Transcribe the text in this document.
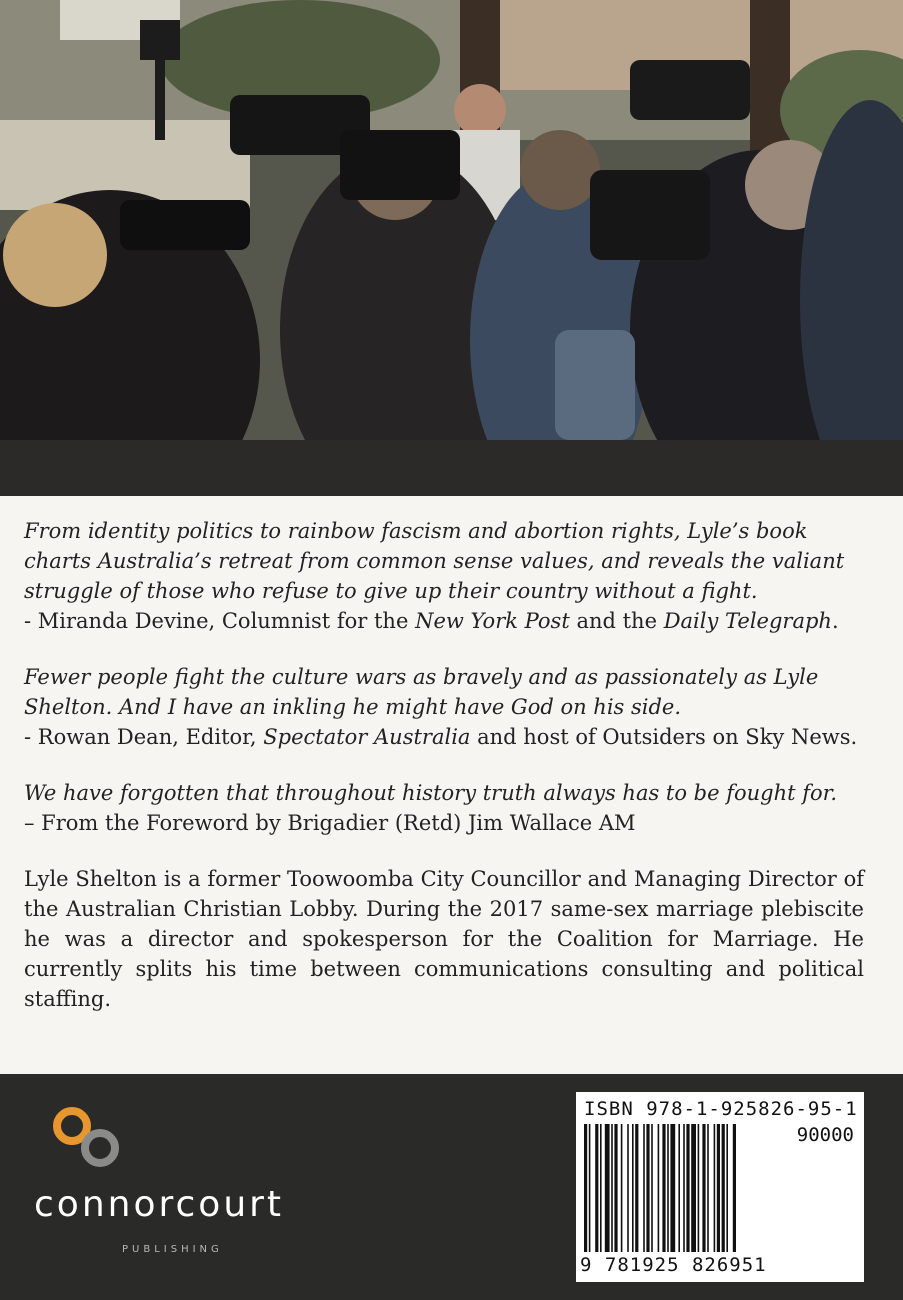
From identity politics to rainbow fascism and abortion rights, Lyle’s book charts Australia’s retreat from common sense values, and reveals the valiant struggle of those who refuse to give up their country without a fight.
- Miranda Devine, Columnist for the New York Post and the Daily Telegraph.
Fewer people fight the culture wars as bravely and as passionately as Lyle Shelton. And I have an inkling he might have God on his side.
- Rowan Dean, Editor, Spectator Australia and host of Outsiders on Sky News.
We have forgotten that throughout history truth always has to be fought for.
– From the Foreword by Brigadier (Retd) Jim Wallace AM
Lyle Shelton is a former Toowoomba City Councillor and Managing Director of the Australian Christian Lobby. During the 2017 same-sex marriage plebiscite he was a director and spokesperson for the Coalition for Marriage. He currently splits his time between communications consulting and political staffing.
connorcourt
PUBLISHING
ISBN 978-1-925826-95-1
90000
9 781925 826951
